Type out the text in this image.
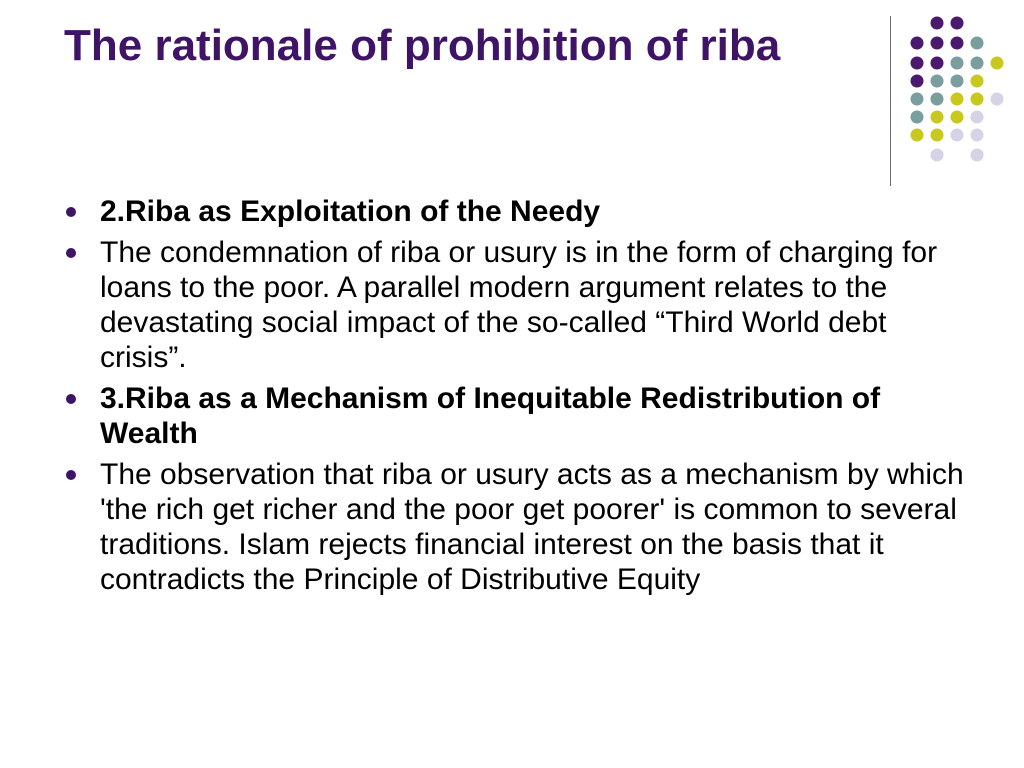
The rationale of prohibition of riba
2.Riba as Exploitation of the Needy
The condemnation of riba or usury is in the form of charging for loans to the poor. A parallel modern argument relates to the devastating social impact of the so-called “Third World debt crisis”.
3.Riba as a Mechanism of Inequitable Redistribution of Wealth
The observation that riba or usury acts as a mechanism by which 'the rich get richer and the poor get poorer' is common to several traditions. Islam rejects financial interest on the basis that it contradicts the Principle of Distributive Equity
